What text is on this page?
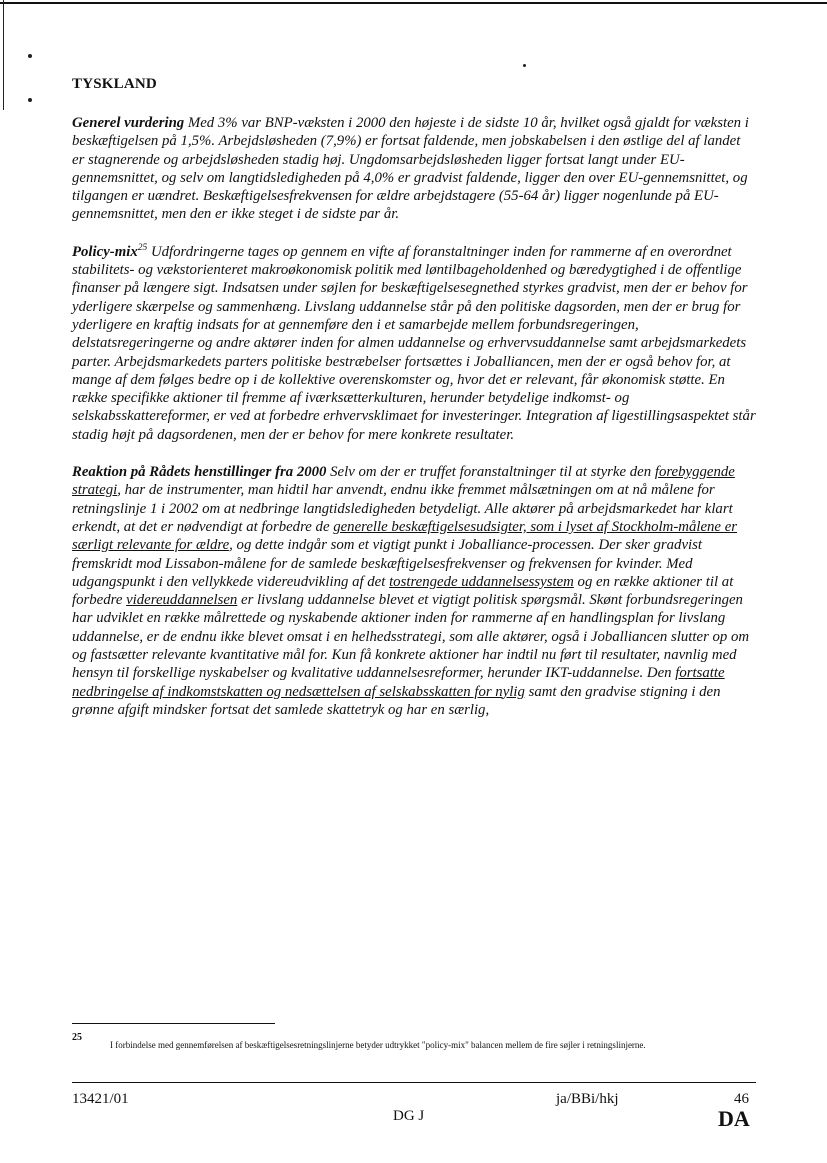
TYSKLAND

Generel vurdering Med 3% var BNP-væksten i 2000 den højeste i de sidste 10 år, hvilket også gjaldt for væksten i beskæftigelsen på 1,5%. Arbejdsløsheden (7,9%) er fortsat faldende, men jobskabelsen i den østlige del af landet er stagnerende og arbejdsløsheden stadig høj. Ungdomsarbejdsløsheden ligger fortsat langt under EU-gennemsnittet, og selv om langtidsledigheden på 4,0% er gradvist faldende, ligger den over EU-gennemsnittet, og tilgangen er uændret. Beskæftigelsesfrekvensen for ældre arbejdstagere (55-64 år) ligger nogenlunde på EU-gennemsnittet, men den er ikke steget i de sidste par år.

Policy-mix$^{25}$ Udfordringerne tages op gennem en vifte af foranstaltninger inden for rammerne af en overordnet stabilitets- og vækstorienteret makroøkonomisk politik med løntilbageholdenhed og bæredygtighed i de offentlige finanser på længere sigt. Indsatsen under søjlen for beskæftigelsesegnethed styrkes gradvist, men der er behov for yderligere skærpelse og sammenhæng. Livslang uddannelse står på den politiske dagsorden, men der er brug for yderligere en kraftig indsats for at gennemføre den i et samarbejde mellem forbundsregeringen, delstatsregeringerne og andre aktører inden for almen uddannelse og erhvervsuddannelse samt arbejdsmarkedets parter. Arbejdsmarkedets parters politiske bestræbelser fortsættes i Joballiancen, men der er også behov for, at mange af dem følges bedre op i de kollektive overenskomster og, hvor det er relevant, får økonomisk støtte. En række specifikke aktioner til fremme af iværksætterkulturen, herunder betydelige indkomst- og selskabsskattereformer, er ved at forbedre erhvervsklimaet for investeringer. Integration af ligestillingsaspektet står stadig højt på dagsordenen, men der er behov for mere konkrete resultater.

Reaktion på Rådets henstillinger fra 2000 Selv om der er truffet foranstaltninger til at styrke den forebyggende strategi, har de instrumenter, man hidtil har anvendt, endnu ikke fremmet målsætningen om at nå målene for retningslinje 1 i 2002 om at nedbringe langtidsledigheden betydeligt. Alle aktører på arbejdsmarkedet har klart erkendt, at det er nødvendigt at forbedre de generelle beskæftigelsesudsigter, som i lyset af Stockholm-målene er særligt relevante for ældre, og dette indgår som et vigtigt punkt i Joballiance-processen. Der sker gradvist fremskridt mod Lissabon-målene for de samlede beskæftigelsesfrekvenser og frekvensen for kvinder. Med udgangspunkt i den vellykkede videreudvikling af det tostrengede uddannelsessystem og en række aktioner til at forbedre videreuddannelsen er livslang uddannelse blevet et vigtigt politisk spørgsmål. Skønt forbundsregeringen har udviklet en række målrettede og nyskabende aktioner inden for rammerne af en handlingsplan for livslang uddannelse, er de endnu ikke blevet omsat i en helhedsstrategi, som alle aktører, også i Joballiancen slutter op om og fastsætter relevante kvantitative mål for. Kun få konkrete aktioner har indtil nu ført til resultater, navnlig med hensyn til forskellige nyskabelser og kvalitative uddannelsesreformer, herunder IKT-uddannelse. Den fortsatte nedbringelse af indkomstskatten og nedsættelsen af selskabsskatten for nylig samt den gradvise stigning i den grønne afgift mindsker fortsat det samlede skattetryk og har en særlig,

25
I forbindelse med gennemførelsen af beskæftigelsesretningslinjerne betyder udtrykket "policy-mix" balancen mellem de fire søjler i retningslinjerne.
13421/01	ja/BBi/hkj	46
DG J	DA
